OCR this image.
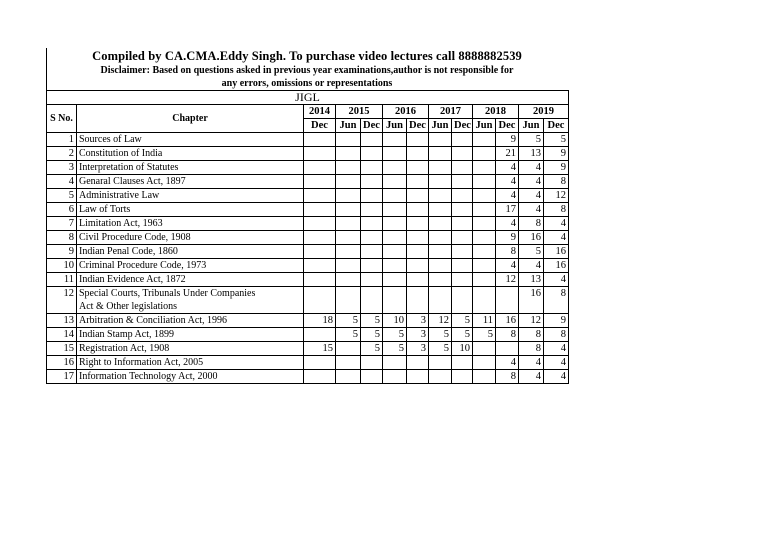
Compiled by CA.CMA.Eddy Singh. To purchase video lectures call 8888882539
Disclaimer: Based on questions asked in previous year examinations,author is not responsible for
any errors, omissions or representations
JIGL												
S No.	Chapter	2014	2015		2016		2017		2018		2019	
		Dec	Jun	Dec	Jun	Dec	Jun	Dec	Jun	Dec	Jun	Dec
1	Sources of Law									9	5	5
2	Constitution of India									21	13	9
3	Interpretation of Statutes									4	4	9
4	Genaral Clauses Act, 1897									4	4	8
5	Administrative Law									4	4	12
6	Law of Torts									17	4	8
7	Limitation Act, 1963									4	8	4
8	Civil Procedure Code, 1908									9	16	4
9	Indian Penal Code, 1860									8	5	16
10	Criminal Procedure Code, 1973									4	4	16
11	Indian Evidence Act, 1872									12	13	4
12	Special Courts, Tribunals Under Companies										16	8
	Act & Other legislations											
13	Arbitration & Conciliation Act, 1996	18	5	5	10	3	12	5	11	16	12	9
14	Indian Stamp Act, 1899		5	5	5	3	5	5	5	8	8	8
15	Registration Act, 1908	15		5	5	3	5	10			8	4
16	Right to Information Act, 2005									4	4	4
17	Information Technology Act, 2000									8	4	4
